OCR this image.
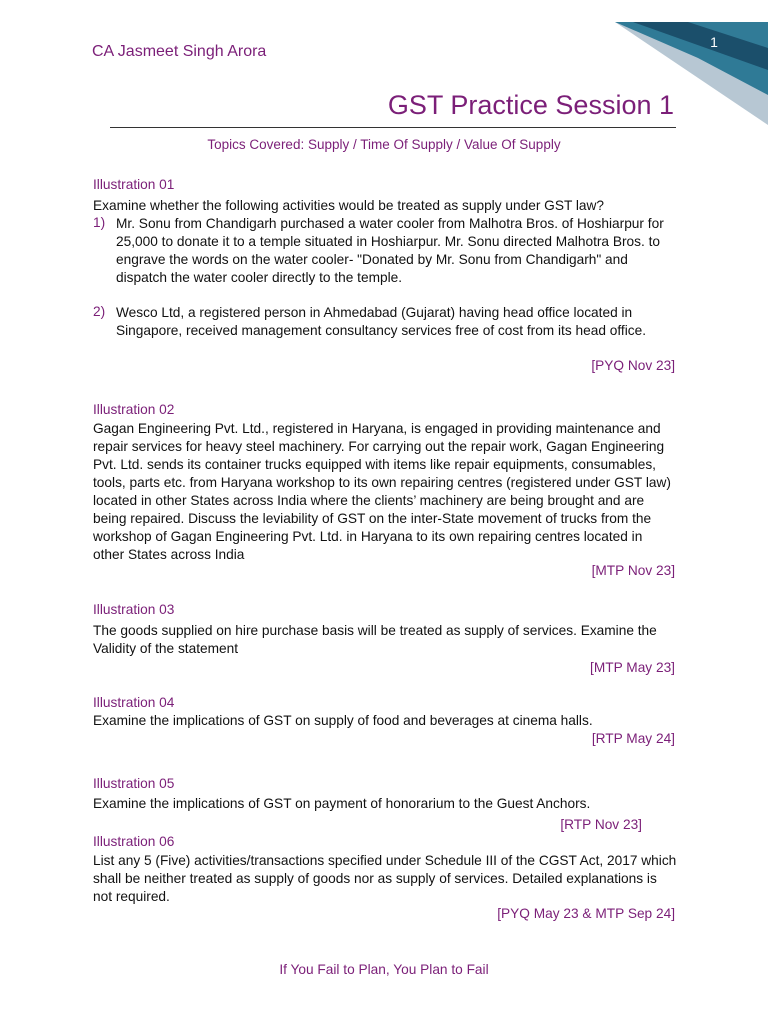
1
CA Jasmeet Singh Arora
GST Practice Session 1
Topics Covered: Supply / Time Of Supply / Value Of Supply
Illustration 01
Examine whether the following activities would be treated as supply under GST law?
1) Mr. Sonu from Chandigarh purchased a water cooler from Malhotra Bros. of Hoshiarpur for 25,000 to donate it to a temple situated in Hoshiarpur. Mr. Sonu directed Malhotra Bros. to engrave the words on the water cooler- "Donated by Mr. Sonu from Chandigarh" and dispatch the water cooler directly to the temple.
2) Wesco Ltd, a registered person in Ahmedabad (Gujarat) having head office located in Singapore, received management consultancy services free of cost from its head office.
[PYQ Nov 23]
Illustration 02
Gagan Engineering Pvt. Ltd., registered in Haryana, is engaged in providing maintenance and repair services for heavy steel machinery. For carrying out the repair work, Gagan Engineering Pvt. Ltd. sends its container trucks equipped with items like repair equipments, consumables, tools, parts etc. from Haryana workshop to its own repairing centres (registered under GST law) located in other States across India where the clients’ machinery are being brought and are being repaired. Discuss the leviability of GST on the inter-State movement of trucks from the workshop of Gagan Engineering Pvt. Ltd. in Haryana to its own repairing centres located in other States across India
[MTP Nov 23]
Illustration 03
The goods supplied on hire purchase basis will be treated as supply of services. Examine the Validity of the statement
[MTP May 23]
Illustration 04
Examine the implications of GST on supply of food and beverages at cinema halls.
[RTP May 24]
Illustration 05
Examine the implications of GST on payment of honorarium to the Guest Anchors.
[RTP Nov 23]
Illustration 06
List any 5 (Five) activities/transactions specified under Schedule III of the CGST Act, 2017 which shall be neither treated as supply of goods nor as supply of services. Detailed explanations is not required.
[PYQ May 23 & MTP Sep 24]
If You Fail to Plan, You Plan to Fail
